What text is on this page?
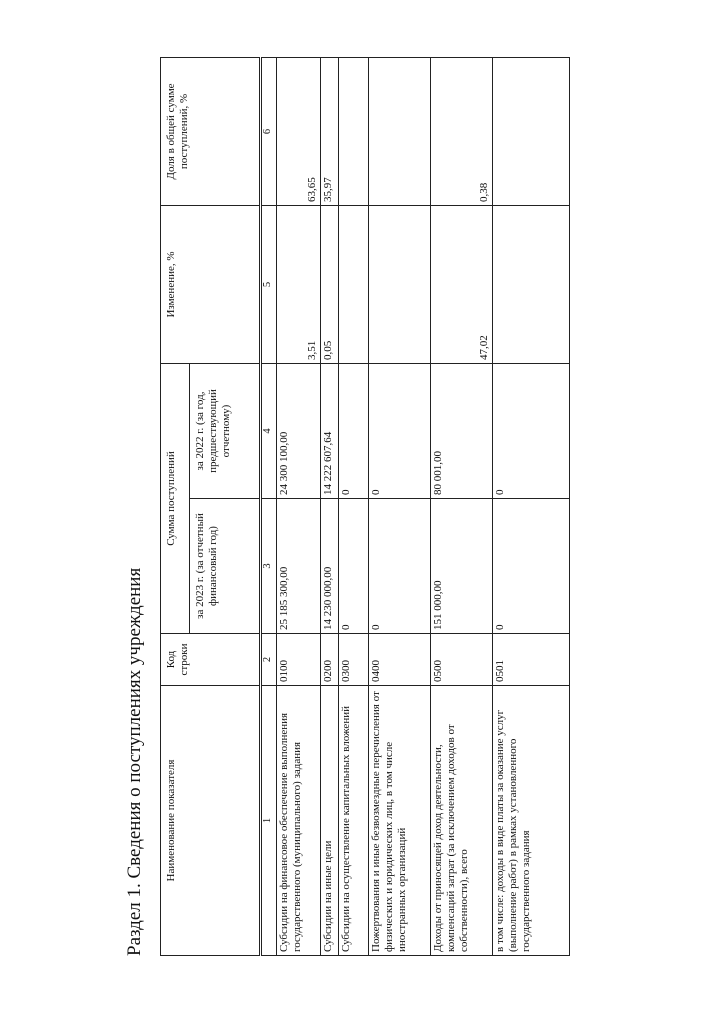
Раздел 1. Сведения о поступлениях учреждения Наименование показателя	Код строки	Сумма поступлений		Изменение, %	Доля в общей сумме поступлений, %
		за 2023 г. (за отчетный финансовый год)	за 2022 г. (за год, предшествующий отчетному)		
1	2	3	4	5	6
Субсидии на финансовое обеспечение выполнения государственного (муниципального) задания	0100	25 185 300,00	24 300 100,00	3,51	63,65
Субсидии на иные цели	0200	14 230 000,00	14 222 607,64	0,05	35,97
Субсидии на осуществление капитальных вложений	0300	0	0		
Пожертвования и иные безвозмездные перечисления от физических и юридических лиц, в том числе иностранных организаций	0400	0	0		
Доходы от приносящей доход деятельности, компенсаций затрат (за исключением доходов от собственности), всего	0500	151 000,00	80 001,00	47,02	0,38
в том числе: доходы в виде платы за оказание услуг (выполнение работ) в рамках установленного государственного задания	0501	0	0		
